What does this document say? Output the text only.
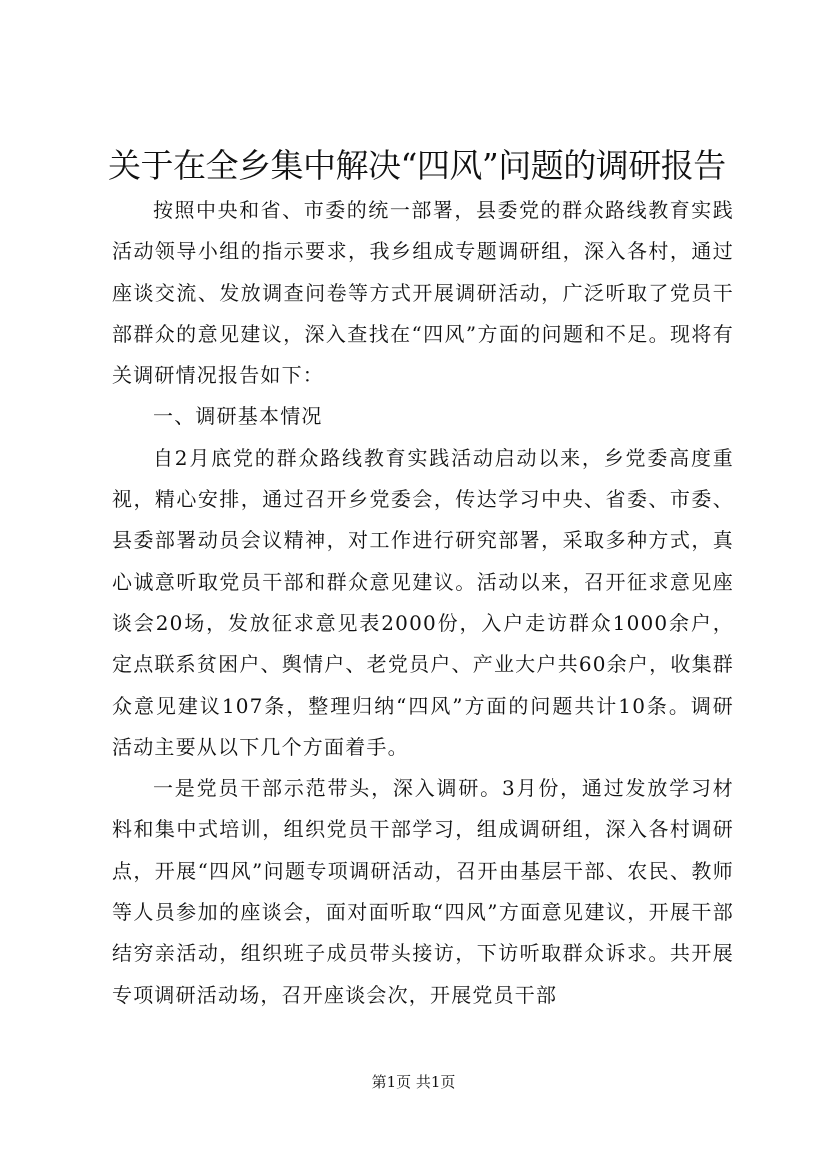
关于在全乡集中解决“四风”问题的调研报告

按照中央和省、市委的统一部署，县委党的群众路线教育实践活动领导小组的指示要求，我乡组成专题调研组，深入各村，通过座谈交流、发放调查问卷等方式开展调研活动，广泛听取了党员干部群众的意见建议，深入查找在“四风”方面的问题和不足。现将有关调研情况报告如下：

一、调研基本情况

自2月底党的群众路线教育实践活动启动以来，乡党委高度重视，精心安排，通过召开乡党委会，传达学习中央、省委、市委、县委部署动员会议精神，对工作进行研究部署，采取多种方式，真心诚意听取党员干部和群众意见建议。活动以来，召开征求意见座谈会20场，发放征求意见表2000份，入户走访群众1000余户，定点联系贫困户、舆情户、老党员户、产业大户共60余户，收集群众意见建议107条，整理归纳“四风”方面的问题共计10条。调研活动主要从以下几个方面着手。

一是党员干部示范带头，深入调研。3月份，通过发放学习材料和集中式培训，组织党员干部学习，组成调研组，深入各村调研点，开展“四风”问题专项调研活动，召开由基层干部、农民、教师等人员参加的座谈会，面对面听取“四风”方面意见建议，开展干部结穷亲活动，组织班子成员带头接访，下访听取群众诉求。共开展专项调研活动场，召开座谈会次，开展党员干部

第1页 共1页
